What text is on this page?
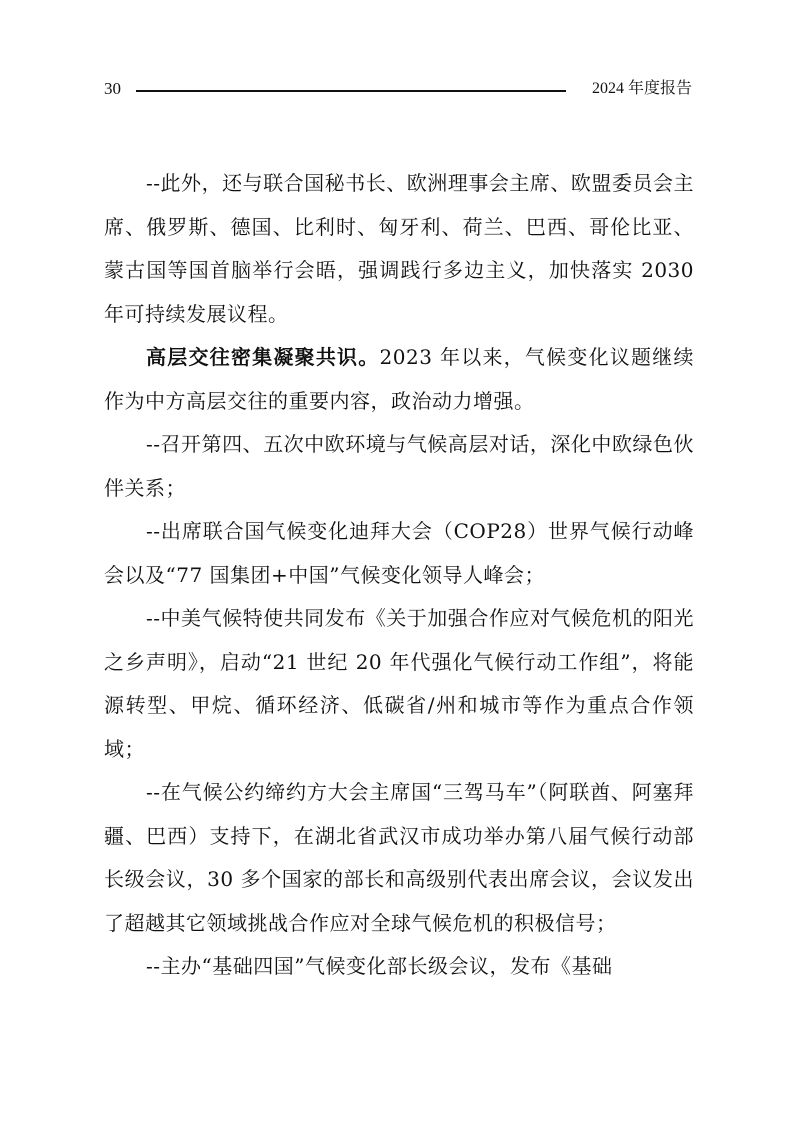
30	2024 年度报告

--此外，还与联合国秘书长、欧洲理事会主席、欧盟委员会主席、俄罗斯、德国、比利时、匈牙利、荷兰、巴西、哥伦比亚、蒙古国等国首脑举行会晤，强调践行多边主义，加快落实 2030 年可持续发展议程。

高层交往密集凝聚共识。2023 年以来，气候变化议题继续作为中方高层交往的重要内容，政治动力增强。

--召开第四、五次中欧环境与气候高层对话，深化中欧绿色伙伴关系；

--出席联合国气候变化迪拜大会（COP28）世界气候行动峰会以及“77 国集团+中国”气候变化领导人峰会；

--中美气候特使共同发布《关于加强合作应对气候危机的阳光之乡声明》，启动“21 世纪 20 年代强化气候行动工作组”，将能源转型、甲烷、循环经济、低碳省/州和城市等作为重点合作领域；

--在气候公约缔约方大会主席国“三驾马车”（阿联酋、阿塞拜疆、巴西）支持下，在湖北省武汉市成功举办第八届气候行动部长级会议，30 多个国家的部长和高级别代表出席会议，会议发出了超越其它领域挑战合作应对全球气候危机的积极信号；

--主办“基础四国”气候变化部长级会议，发布《基础
